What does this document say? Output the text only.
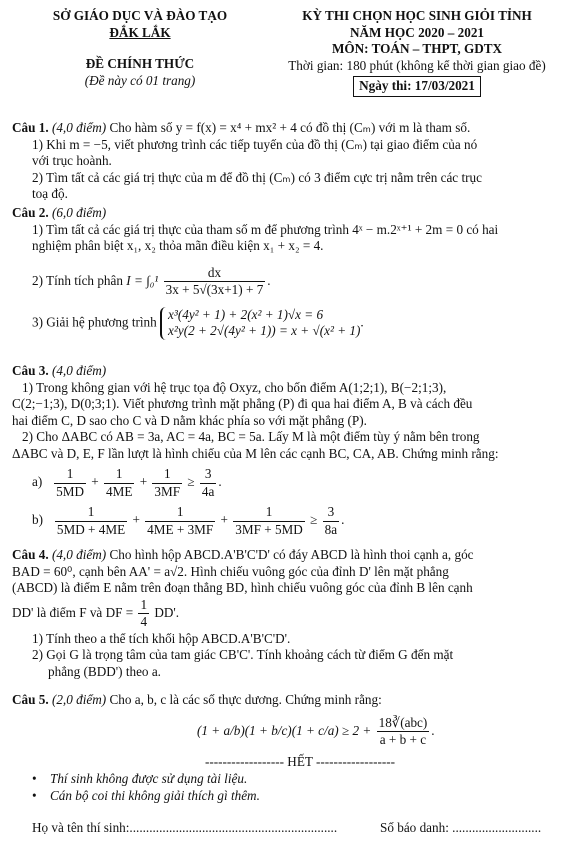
SỞ GIÁO DỤC VÀ ĐÀO TẠO
ĐẮK LẮK
ĐỀ CHÍNH THỨC
(Đề này có 01 trang)
KỲ THI CHỌN HỌC SINH GIỎI TỈNH
NĂM HỌC 2020 – 2021
MÔN: TOÁN – THPT, GDTX
Thời gian: 180 phút (không kể thời gian giao đề)
Ngày thi: 17/03/2021
Câu 1. (4,0 điểm) Cho hàm số y = f(x) = x⁴ + mx² + 4 có đồ thị (Cₘ) với m là tham số.
1) Khi m = −5, viết phương trình các tiếp tuyến của đồ thị (Cₘ) tại giao điểm của nó
với trục hoành.
2) Tìm tất cả các giá trị thực của m để đồ thị (Cₘ) có 3 điểm cực trị nằm trên các trục
toạ độ.
Câu 2. (6,0 điểm)
1) Tìm tất cả các giá trị thực của tham số m để phương trình 4ˣ − m.2ˣ⁺¹ + 2m = 0 có hai
nghiệm phân biệt x₁, x₂ thỏa mãn điều kiện x₁ + x₂ = 4.
2) Tính tích phân $I = \int_0^1 \frac{dx}{3x + 5√(3x+1) + 7}$ .
3) Giải hệ phương trình
x³(4y² + 1) + 2(x² + 1)√x = 6
x²y(2 + 2√(4y² + 1)) = x + √(x² + 1)
.
Câu 3. (4,0 điểm)
1) Trong không gian với hệ trục tọa độ Oxyz, cho bốn điểm A(1;2;1), B(−2;1;3),
C(2;−1;3), D(0;3;1). Viết phương trình mặt phẳng (P) đi qua hai điểm A, B và cách đều
hai điểm C, D sao cho C và D nằm khác phía so với mặt phẳng (P).
2) Cho ΔABC có AB = 3a, AC = 4a, BC = 5a. Lấy M là một điểm tùy ý nằm bên trong
ΔABC và D, E, F lần lượt là hình chiếu của M lên các cạnh BC, CA, AB. Chứng minh rằng:
$a) \frac{1}{5MD} + \frac{1}{4ME} + \frac{1}{3MF} \ge \frac{3}{4a}$ .
$b) \frac{1}{5MD + 4ME} + \frac{1}{4ME + 3MF} + \frac{1}{3MF + 5MD} \ge \frac{3}{8a}$ .
Câu 4. (4,0 điểm) Cho hình hộp ABCD.A'B'C'D' có đáy ABCD là hình thoi cạnh a, góc
BAD = 60⁰, cạnh bên AA' = a√2. Hình chiếu vuông góc của đỉnh D' lên mặt phẳng
(ABCD) là điểm E nằm trên đoạn thẳng BD, hình chiếu vuông góc của đỉnh B lên cạnh
DD' là điểm F và DF = $\frac{1}{4} DD'$.
1) Tính theo a thể tích khối hộp ABCD.A'B'C'D'.
2) Gọi G là trọng tâm của tam giác CB'C'. Tính khoảng cách từ điểm G đến mặt
phẳng (BDD') theo a.
Câu 5. (2,0 điểm) Cho a, b, c là các số thực dương. Chứng minh rằng:
$(1 + a/b)(1 + b/c)(1 + c/a) \ge 2 + \frac{\text{18∛(abc)}}{a + b + c}$ .
------------------ HẾT ------------------
• Thí sinh không được sử dụng tài liệu.
• Cán bộ coi thi không giải thích gì thêm.
Họ và tên thí sinh:...............................................................	Số báo danh: ...........................
